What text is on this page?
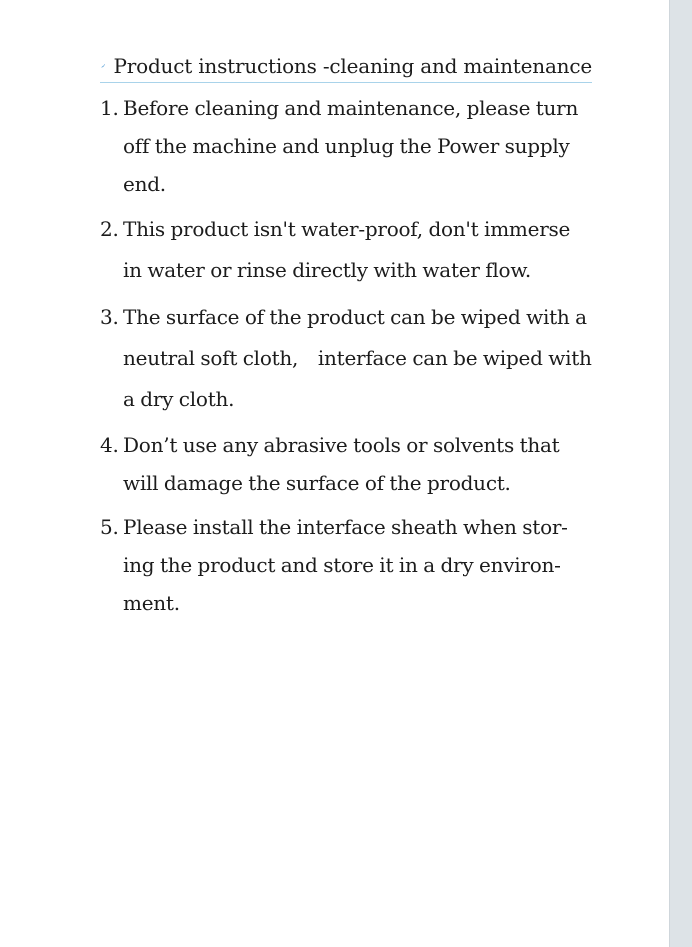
Product instructions -cleaning and maintenance
1. Before cleaning and maintenance, please turn off the machine and unplug the Power supply end.
2. This product isn't water-proof, don't immerse in water or rinse directly with water flow.
3. The surface of the product can be wiped with a neutral soft cloth, interface can be wiped with a dry cloth.
4. Don’t use any abrasive tools or solvents that will damage the surface of the product.
5. Please install the interface sheath when stor-ing the product and store it in a dry environ-ment.
